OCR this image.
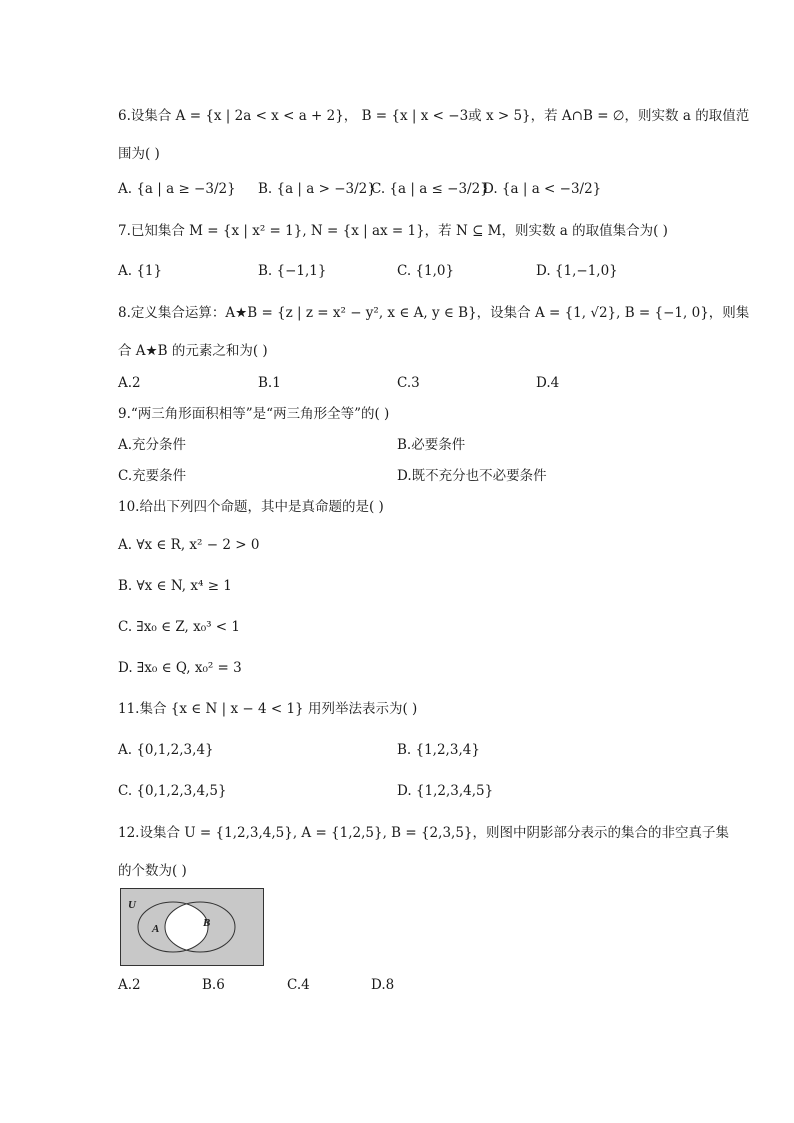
6.设集合 A = {x | 2a < x < a + 2}， B = {x | x < −3或 x > 5}，若 A∩B = ∅，则实数 a 的取值范
围为( )
A. {a | a ≥ −3/2} B. {a | a > −3/2}
C. {a | a ≤ −3/2}
D. {a | a < −3/2}
7.已知集合 M = {x | x² = 1}, N = {x | ax = 1}，若 N ⊆ M，则实数 a 的取值集合为( )
A. {1}	B. {−1,1}	C. {1,0}	D. {1,−1,0}
8.定义集合运算：A★B = {z | z = x² − y², x ∈ A, y ∈ B}，设集合 A = {1, √2}, B = {−1, 0}，则集
合 A★B 的元素之和为( )
A.2	B.1	C.3	D.4
9.“两三角形面积相等”是“两三角形全等”的( )
A.充分条件	B.必要条件
C.充要条件	D.既不充分也不必要条件
10.给出下列四个命题，其中是真命题的是( )
A. ∀x ∈ R, x² − 2 > 0
B. ∀x ∈ N, x⁴ ≥ 1
C. ∃x₀ ∈ Z, x₀³ < 1
D. ∃x₀ ∈ Q, x₀² = 3
11.集合 {x ∈ N | x − 4 < 1} 用列举法表示为( )
A. {0,1,2,3,4}	B. {1,2,3,4}
C. {0,1,2,3,4,5}	D. {1,2,3,4,5}
12.设集合 U = {1,2,3,4,5}, A = {1,2,5}, B = {2,3,5}，则图中阴影部分表示的集合的非空真子集
的个数为( )
U
A	B
A.2	B.6	C.4	D.8
